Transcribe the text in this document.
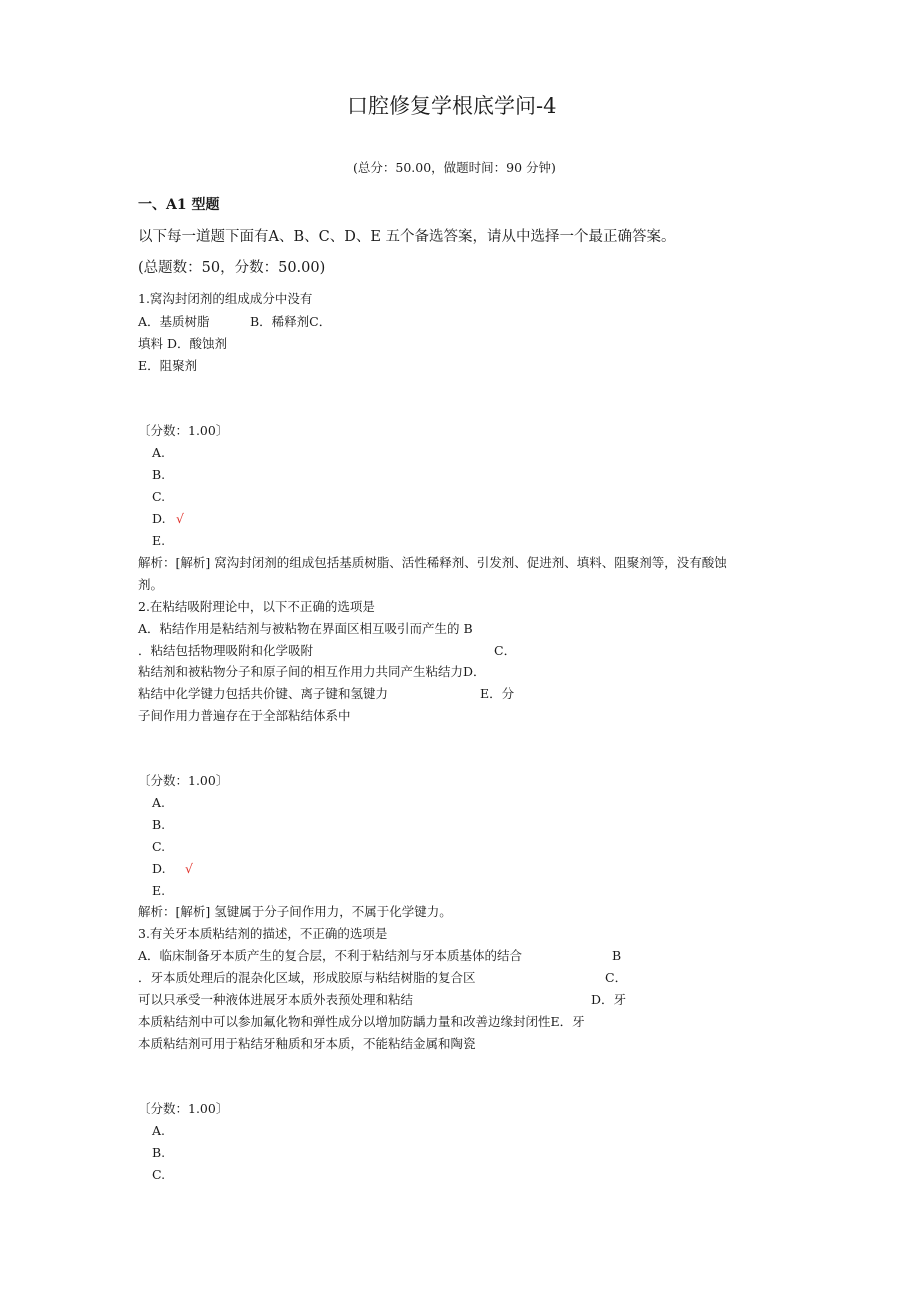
口腔修复学根底学问-4
(总分：50.00，做题时间：90 分钟)
一、A1 型题
以下每一道题下面有A、B、C、D、E 五个备选答案，请从中选择一个最正确答案。
(总题数：50，分数：50.00)
1.窝沟封闭剂的组成成分中没有
A．基质树脂	B．稀释剂C．
填料 D．酸蚀剂
E．阻聚剂
〔分数：1.00〕
A.
B.
C.
D. √
E.
解析：[解析] 窝沟封闭剂的组成包括基质树脂、活性稀释剂、引发剂、促进剂、填料、阻聚剂等，没有酸蚀
剂。
2.在粘结吸附理论中，以下不正确的选项是
A．粘结作用是粘结剂与被粘物在界面区相互吸引而产生的 B
．粘结包括物理吸附和化学吸附	C．
粘结剂和被粘物分子和原子间的相互作用力共同产生粘结力D．
粘结中化学键力包括共价键、离子键和氢键力	E．分
子间作用力普遍存在于全部粘结体系中
〔分数：1.00〕
A.
B.
C.
D. √
E.
解析：[解析] 氢键属于分子间作用力，不属于化学键力。
3.有关牙本质粘结剂的描述，不正确的选项是
A．临床制备牙本质产生的复合层，不利于粘结剂与牙本质基体的结合	B
．牙本质处理后的混杂化区域，形成胶原与粘结树脂的复合区	C．
可以只承受一种液体进展牙本质外表预处理和粘结	D．牙
本质粘结剂中可以参加氟化物和弹性成分以增加防龋力量和改善边缘封闭性E．牙
本质粘结剂可用于粘结牙釉质和牙本质，不能粘结金属和陶瓷
〔分数：1.00〕
A.
B.
C.
